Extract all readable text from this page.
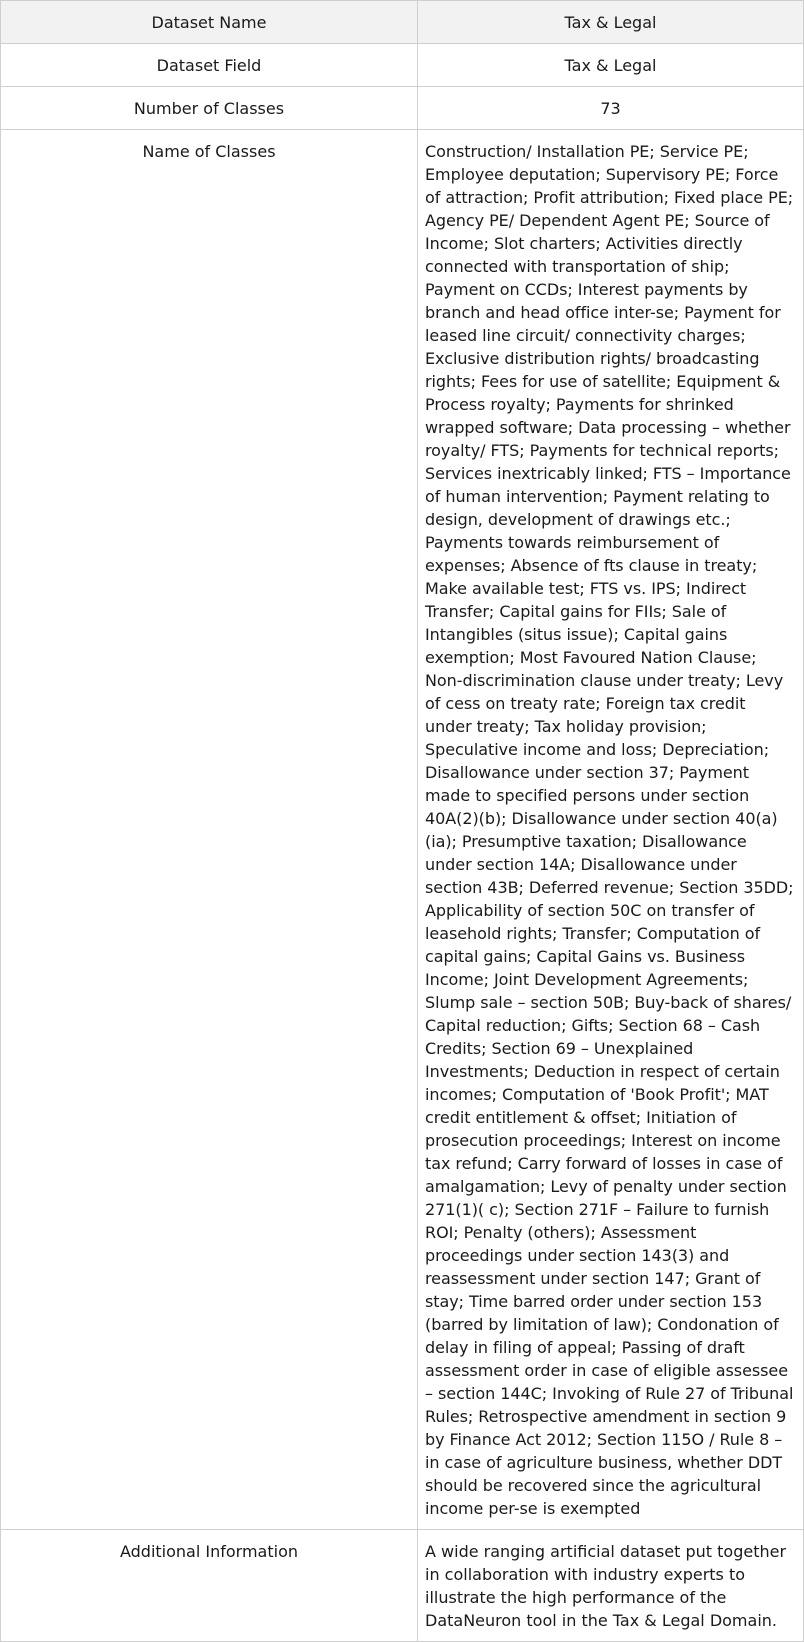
Dataset Name	Tax & Legal

Dataset Field	Tax & Legal

Number of Classes	73

Name of Classes	Construction/ Installation PE; Service PE; Employee deputation; Supervisory PE; Force of attraction; Profit attribution; Fixed place PE; Agency PE/ Dependent Agent PE; Source of Income; Slot charters; Activities directly connected with transportation of ship; Payment on CCDs; Interest payments by branch and head office inter-se; Payment for leased line circuit/ connectivity charges; Exclusive distribution rights/ broadcasting rights; Fees for use of satellite; Equipment & Process royalty; Payments for shrinked wrapped software; Data processing – whether royalty/ FTS; Payments for technical reports; Services inextricably linked; FTS – Importance of human intervention; Payment relating to design, development of drawings etc.; Payments towards reimbursement of expenses; Absence of fts clause in treaty; Make available test; FTS vs. IPS; Indirect Transfer; Capital gains for FIIs; Sale of Intangibles (situs issue); Capital gains exemption; Most Favoured Nation Clause; Non-discrimination clause under treaty; Levy of cess on treaty rate; Foreign tax credit under treaty; Tax holiday provision; Speculative income and loss; Depreciation; Disallowance under section 37; Payment made to specified persons under section 40A(2)(b); Disallowance under section 40(a)(ia); Presumptive taxation; Disallowance under section 14A; Disallowance under section 43B; Deferred revenue; Section 35DD; Applicability of section 50C on transfer of leasehold rights; Transfer; Computation of capital gains; Capital Gains vs. Business Income; Joint Development Agreements; Slump sale – section 50B; Buy-back of shares/ Capital reduction; Gifts; Section 68 – Cash Credits; Section 69 – Unexplained Investments; Deduction in respect of certain incomes; Computation of 'Book Profit'; MAT credit entitlement & offset; Initiation of prosecution proceedings; Interest on income tax refund; Carry forward of losses in case of amalgamation; Levy of penalty under section 271(1)( c); Section 271F – Failure to furnish ROI; Penalty (others); Assessment proceedings under section 143(3) and reassessment under section 147; Grant of stay; Time barred order under section 153 (barred by limitation of law); Condonation of delay in filing of appeal; Passing of draft assessment order in case of eligible assessee – section 144C; Invoking of Rule 27 of Tribunal Rules; Retrospective amendment in section 9 by Finance Act 2012; Section 115O / Rule 8 – in case of agriculture business, whether DDT should be recovered since the agricultural income per-se is exempted

Additional Information	A wide ranging artificial dataset put together in collaboration with industry experts to illustrate the high performance of the DataNeuron tool in the Tax & Legal Domain.
